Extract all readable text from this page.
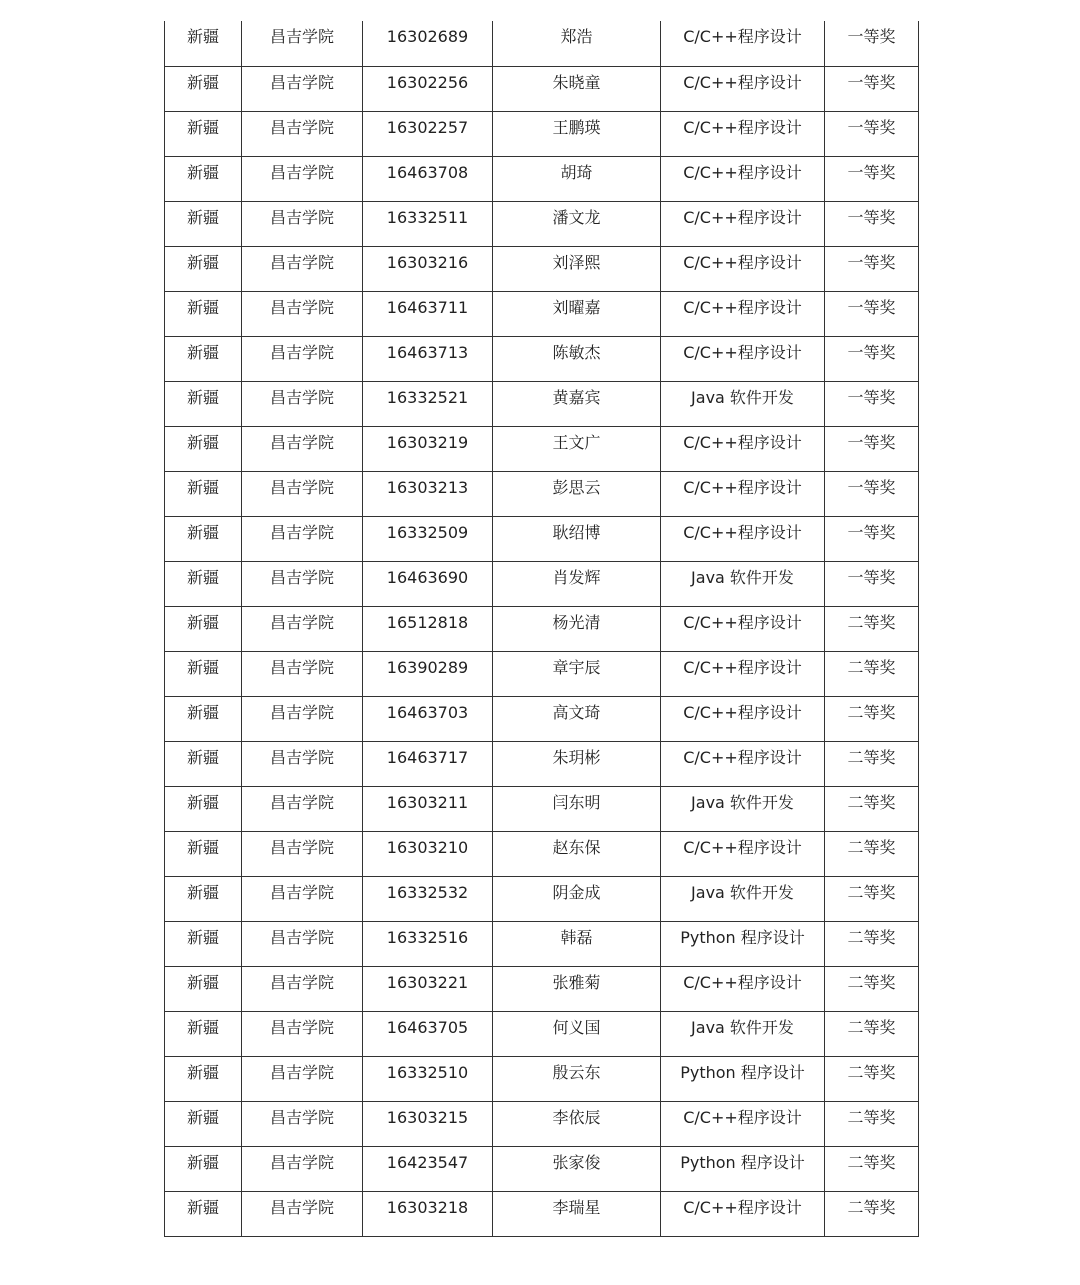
新疆	昌吉学院	16302689	郑浩	C/C++程序设计	一等奖
新疆	昌吉学院	16302256	朱晓童	C/C++程序设计	一等奖
新疆	昌吉学院	16302257	王鹏瑛	C/C++程序设计	一等奖
新疆	昌吉学院	16463708	胡琦	C/C++程序设计	一等奖
新疆	昌吉学院	16332511	潘文龙	C/C++程序设计	一等奖
新疆	昌吉学院	16303216	刘泽熙	C/C++程序设计	一等奖
新疆	昌吉学院	16463711	刘曜嘉	C/C++程序设计	一等奖
新疆	昌吉学院	16463713	陈敏杰	C/C++程序设计	一等奖
新疆	昌吉学院	16332521	黄嘉宾	Java 软件开发	一等奖
新疆	昌吉学院	16303219	王文广	C/C++程序设计	一等奖
新疆	昌吉学院	16303213	彭思云	C/C++程序设计	一等奖
新疆	昌吉学院	16332509	耿绍博	C/C++程序设计	一等奖
新疆	昌吉学院	16463690	肖发辉	Java 软件开发	一等奖
新疆	昌吉学院	16512818	杨光清	C/C++程序设计	二等奖
新疆	昌吉学院	16390289	章宇辰	C/C++程序设计	二等奖
新疆	昌吉学院	16463703	高文琦	C/C++程序设计	二等奖
新疆	昌吉学院	16463717	朱玥彬	C/C++程序设计	二等奖
新疆	昌吉学院	16303211	闫东明	Java 软件开发	二等奖
新疆	昌吉学院	16303210	赵东保	C/C++程序设计	二等奖
新疆	昌吉学院	16332532	阴金成	Java 软件开发	二等奖
新疆	昌吉学院	16332516	韩磊	Python 程序设计	二等奖
新疆	昌吉学院	16303221	张雅菊	C/C++程序设计	二等奖
新疆	昌吉学院	16463705	何义国	Java 软件开发	二等奖
新疆	昌吉学院	16332510	殷云东	Python 程序设计	二等奖
新疆	昌吉学院	16303215	李依辰	C/C++程序设计	二等奖
新疆	昌吉学院	16423547	张家俊	Python 程序设计	二等奖
新疆	昌吉学院	16303218	李瑞星	C/C++程序设计	二等奖
